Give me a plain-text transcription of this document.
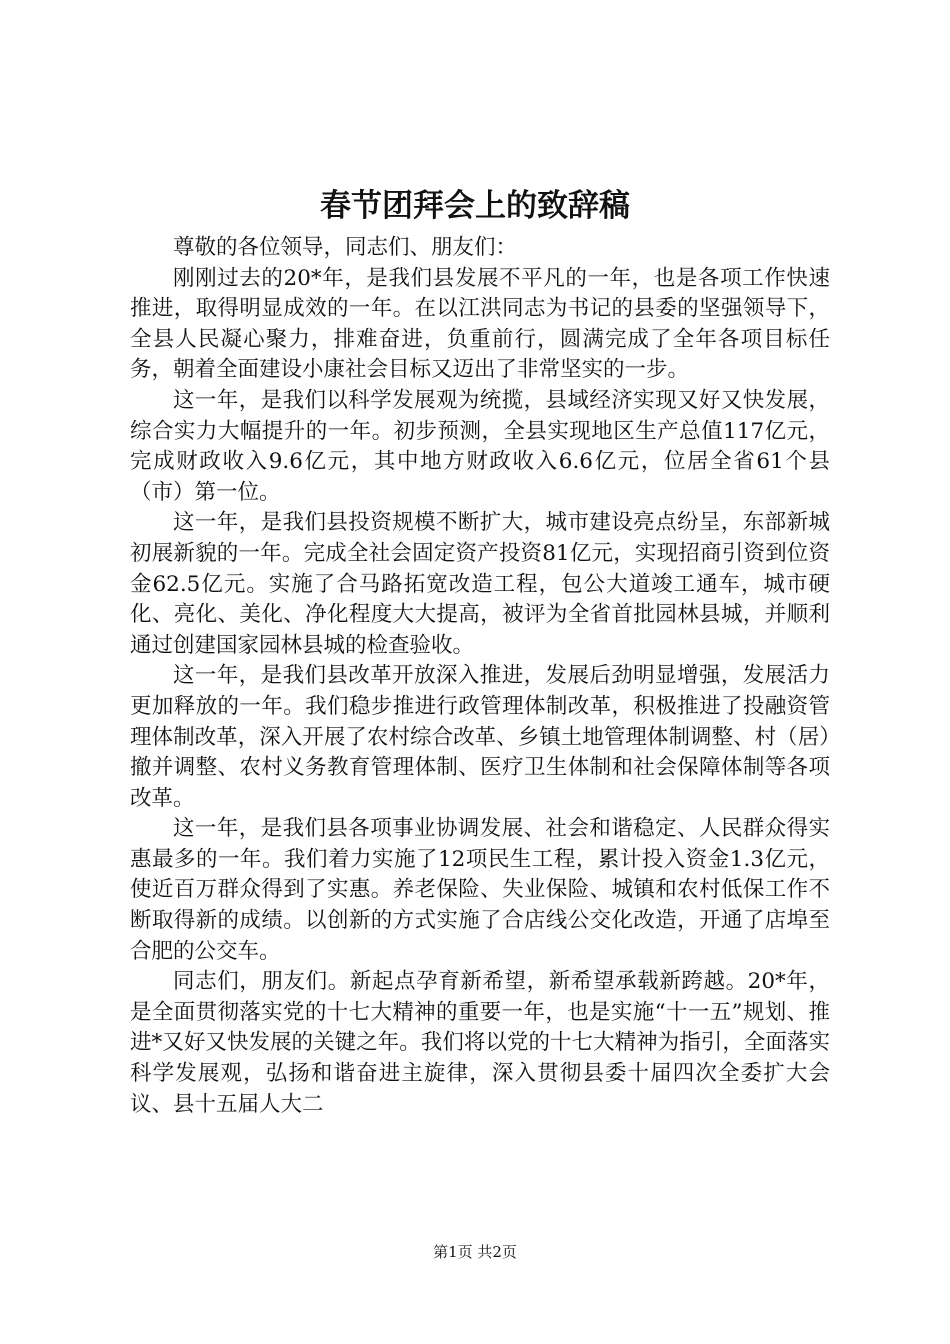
春节团拜会上的致辞稿

尊敬的各位领导，同志们、朋友们：

刚刚过去的20*年，是我们县发展不平凡的一年，也是各项工作快速推进，取得明显成效的一年。在以江洪同志为书记的县委的坚强领导下，全县人民凝心聚力，排难奋进，负重前行，圆满完成了全年各项目标任务，朝着全面建设小康社会目标又迈出了非常坚实的一步。

这一年，是我们以科学发展观为统揽，县域经济实现又好又快发展，综合实力大幅提升的一年。初步预测，全县实现地区生产总值117亿元，完成财政收入9.6亿元，其中地方财政收入6.6亿元，位居全省61个县（市）第一位。

这一年，是我们县投资规模不断扩大，城市建设亮点纷呈，东部新城初展新貌的一年。完成全社会固定资产投资81亿元，实现招商引资到位资金62.5亿元。实施了合马路拓宽改造工程，包公大道竣工通车，城市硬化、亮化、美化、净化程度大大提高，被评为全省首批园林县城，并顺利通过创建国家园林县城的检查验收。

这一年，是我们县改革开放深入推进，发展后劲明显增强，发展活力更加释放的一年。我们稳步推进行政管理体制改革，积极推进了投融资管理体制改革，深入开展了农村综合改革、乡镇土地管理体制调整、村（居）撤并调整、农村义务教育管理体制、医疗卫生体制和社会保障体制等各项改革。

这一年，是我们县各项事业协调发展、社会和谐稳定、人民群众得实惠最多的一年。我们着力实施了12项民生工程，累计投入资金1.3亿元，使近百万群众得到了实惠。养老保险、失业保险、城镇和农村低保工作不断取得新的成绩。以创新的方式实施了合店线公交化改造，开通了店埠至合肥的公交车。

同志们，朋友们。新起点孕育新希望，新希望承载新跨越。20*年，是全面贯彻落实党的十七大精神的重要一年，也是实施“十一五”规划、推进*又好又快发展的关键之年。我们将以党的十七大精神为指引，全面落实科学发展观，弘扬和谐奋进主旋律，深入贯彻县委十届四次全委扩大会议、县十五届人大二

第1页 共2页
